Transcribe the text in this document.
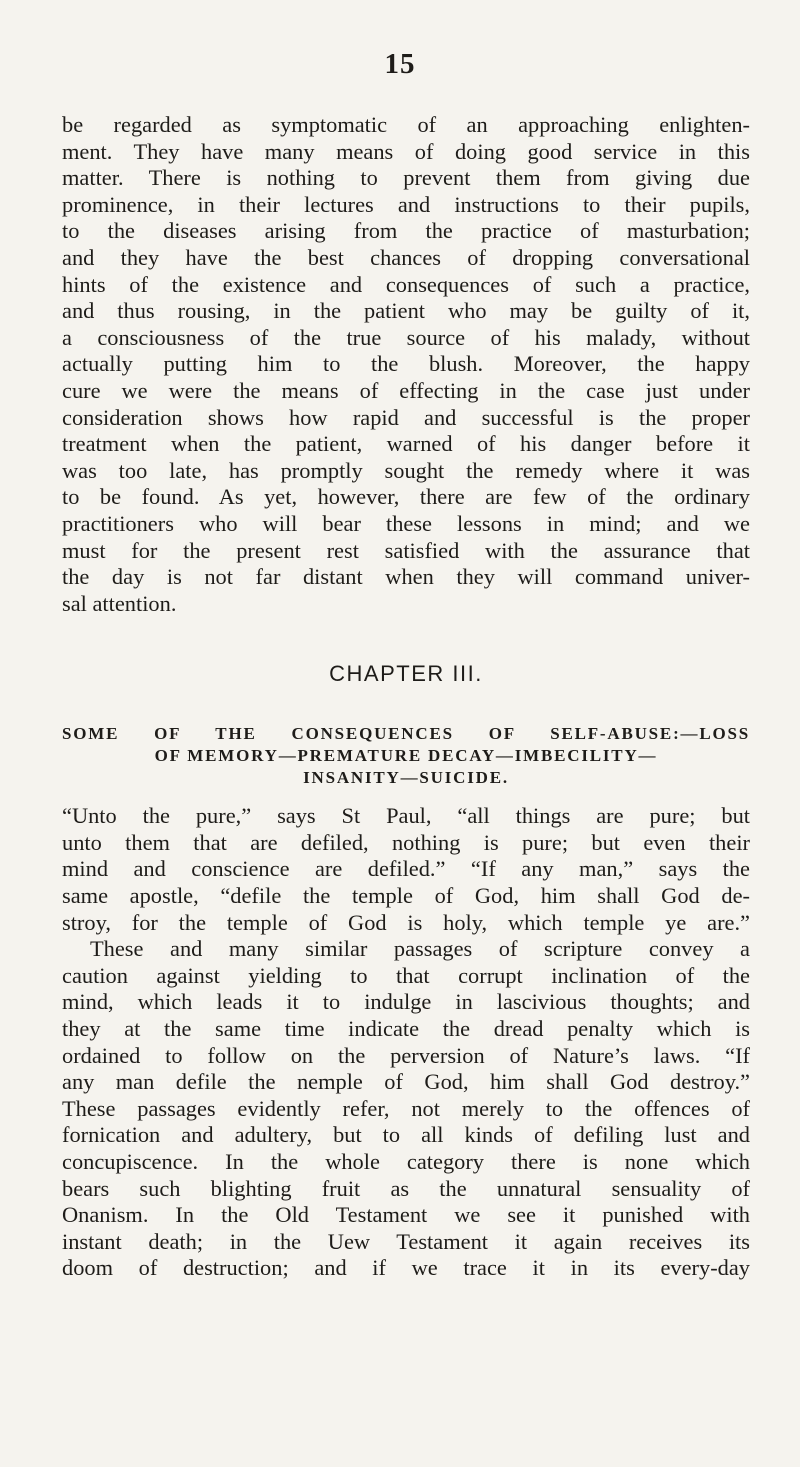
15
be regarded as symptomatic of an approaching enlighten-
ment. They have many means of doing good service in this
matter. There is nothing to prevent them from giving due
prominence, in their lectures and instructions to their pupils,
to the diseases arising from the practice of masturbation;
and they have the best chances of dropping conversational
hints of the existence and consequences of such a practice,
and thus rousing, in the patient who may be guilty of it,
a consciousness of the true source of his malady, without
actually putting him to the blush. Moreover, the happy
cure we were the means of effecting in the case just under
consideration shows how rapid and successful is the proper
treatment when the patient, warned of his danger before it
was too late, has promptly sought the remedy where it was
to be found. As yet, however, there are few of the ordinary
practitioners who will bear these lessons in mind; and we
must for the present rest satisfied with the assurance that
the day is not far distant when they will command univer-
sal attention.
CHAPTER III.
SOME OF THE CONSEQUENCES OF SELF-ABUSE:—LOSS
OF MEMORY—PREMATURE DECAY—IMBECILITY—
INSANITY—SUICIDE.
“Unto the pure,” says St Paul, “all things are pure; but
unto them that are defiled, nothing is pure; but even their
mind and conscience are defiled.” “If any man,” says the
same apostle, “defile the temple of God, him shall God de-
stroy, for the temple of God is holy, which temple ye are.”
These and many similar passages of scripture convey a
caution against yielding to that corrupt inclination of the
mind, which leads it to indulge in lascivious thoughts; and
they at the same time indicate the dread penalty which is
ordained to follow on the perversion of Nature’s laws. “If
any man defile the nemple of God, him shall God destroy.”
These passages evidently refer, not merely to the offences of
fornication and adultery, but to all kinds of defiling lust and
concupiscence. In the whole category there is none which
bears such blighting fruit as the unnatural sensuality of
Onanism. In the Old Testament we see it punished with
instant death; in the Uew Testament it again receives its
doom of destruction; and if we trace it in its every-day
